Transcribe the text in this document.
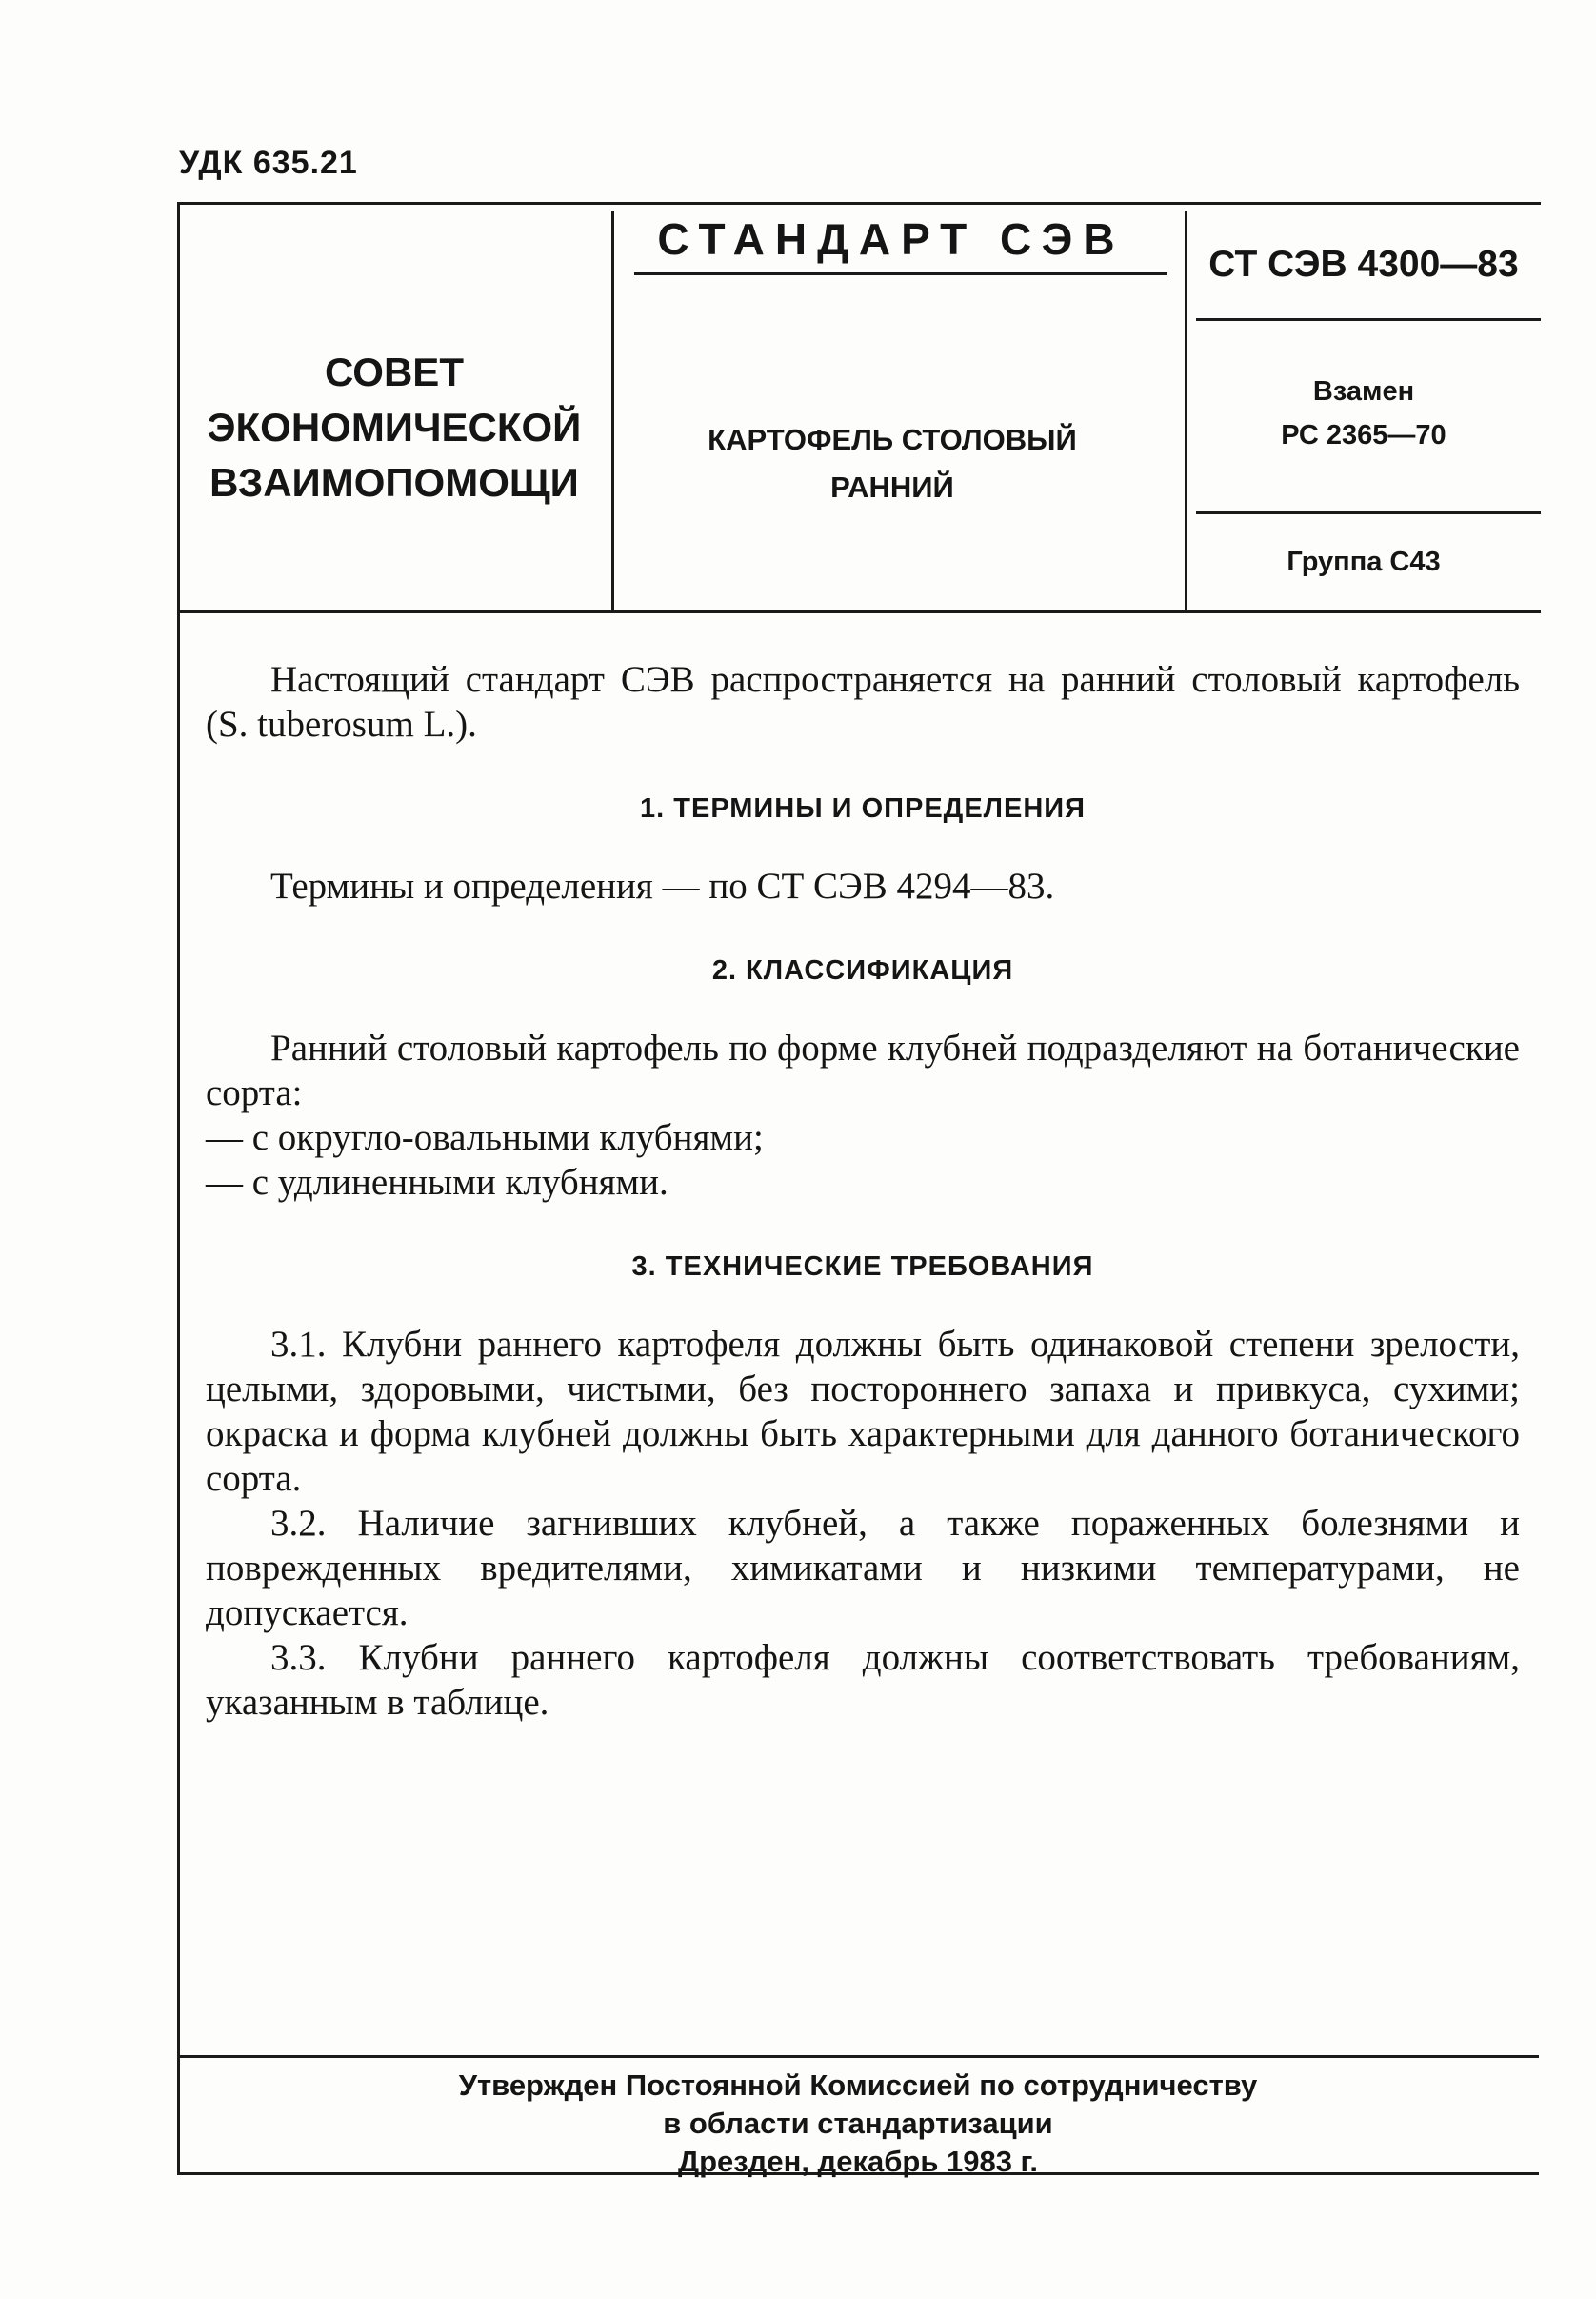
УДК 635.21
СОВЕТ
ЭКОНОМИЧЕСКОЙ
ВЗАИМОПОМОЩИ
СТАНДАРТ СЭВ
КАРТОФЕЛЬ СТОЛОВЫЙ
РАННИЙ
СТ СЭВ 4300—83
Взамен
РС 2365—70
Группа С43

Настоящий стандарт СЭВ распространяется на ранний столовый картофель (S. tuberosum L.).

1. ТЕРМИНЫ И ОПРЕДЕЛЕНИЯ

Термины и определения — по СТ СЭВ 4294—83.

2. КЛАССИФИКАЦИЯ

Ранний столовый картофель по форме клубней подразделяют на ботанические сорта:

— с округло-овальными клубнями;

— с удлиненными клубнями.

3. ТЕХНИЧЕСКИЕ ТРЕБОВАНИЯ

3.1. Клубни раннего картофеля должны быть одинаковой степени зрелости, целыми, здоровыми, чистыми, без постороннего запаха и привкуса, сухими; окраска и форма клубней должны быть характерными для данного ботанического сорта.

3.2. Наличие загнивших клубней, а также пораженных болезнями и поврежденных вредителями, химикатами и низкими температурами, не допускается.

3.3. Клубни раннего картофеля должны соответствовать требованиям, указанным в таблице.

Утвержден Постоянной Комиссией по сотрудничеству
в области стандартизации
Дрезден, декабрь 1983 г.
